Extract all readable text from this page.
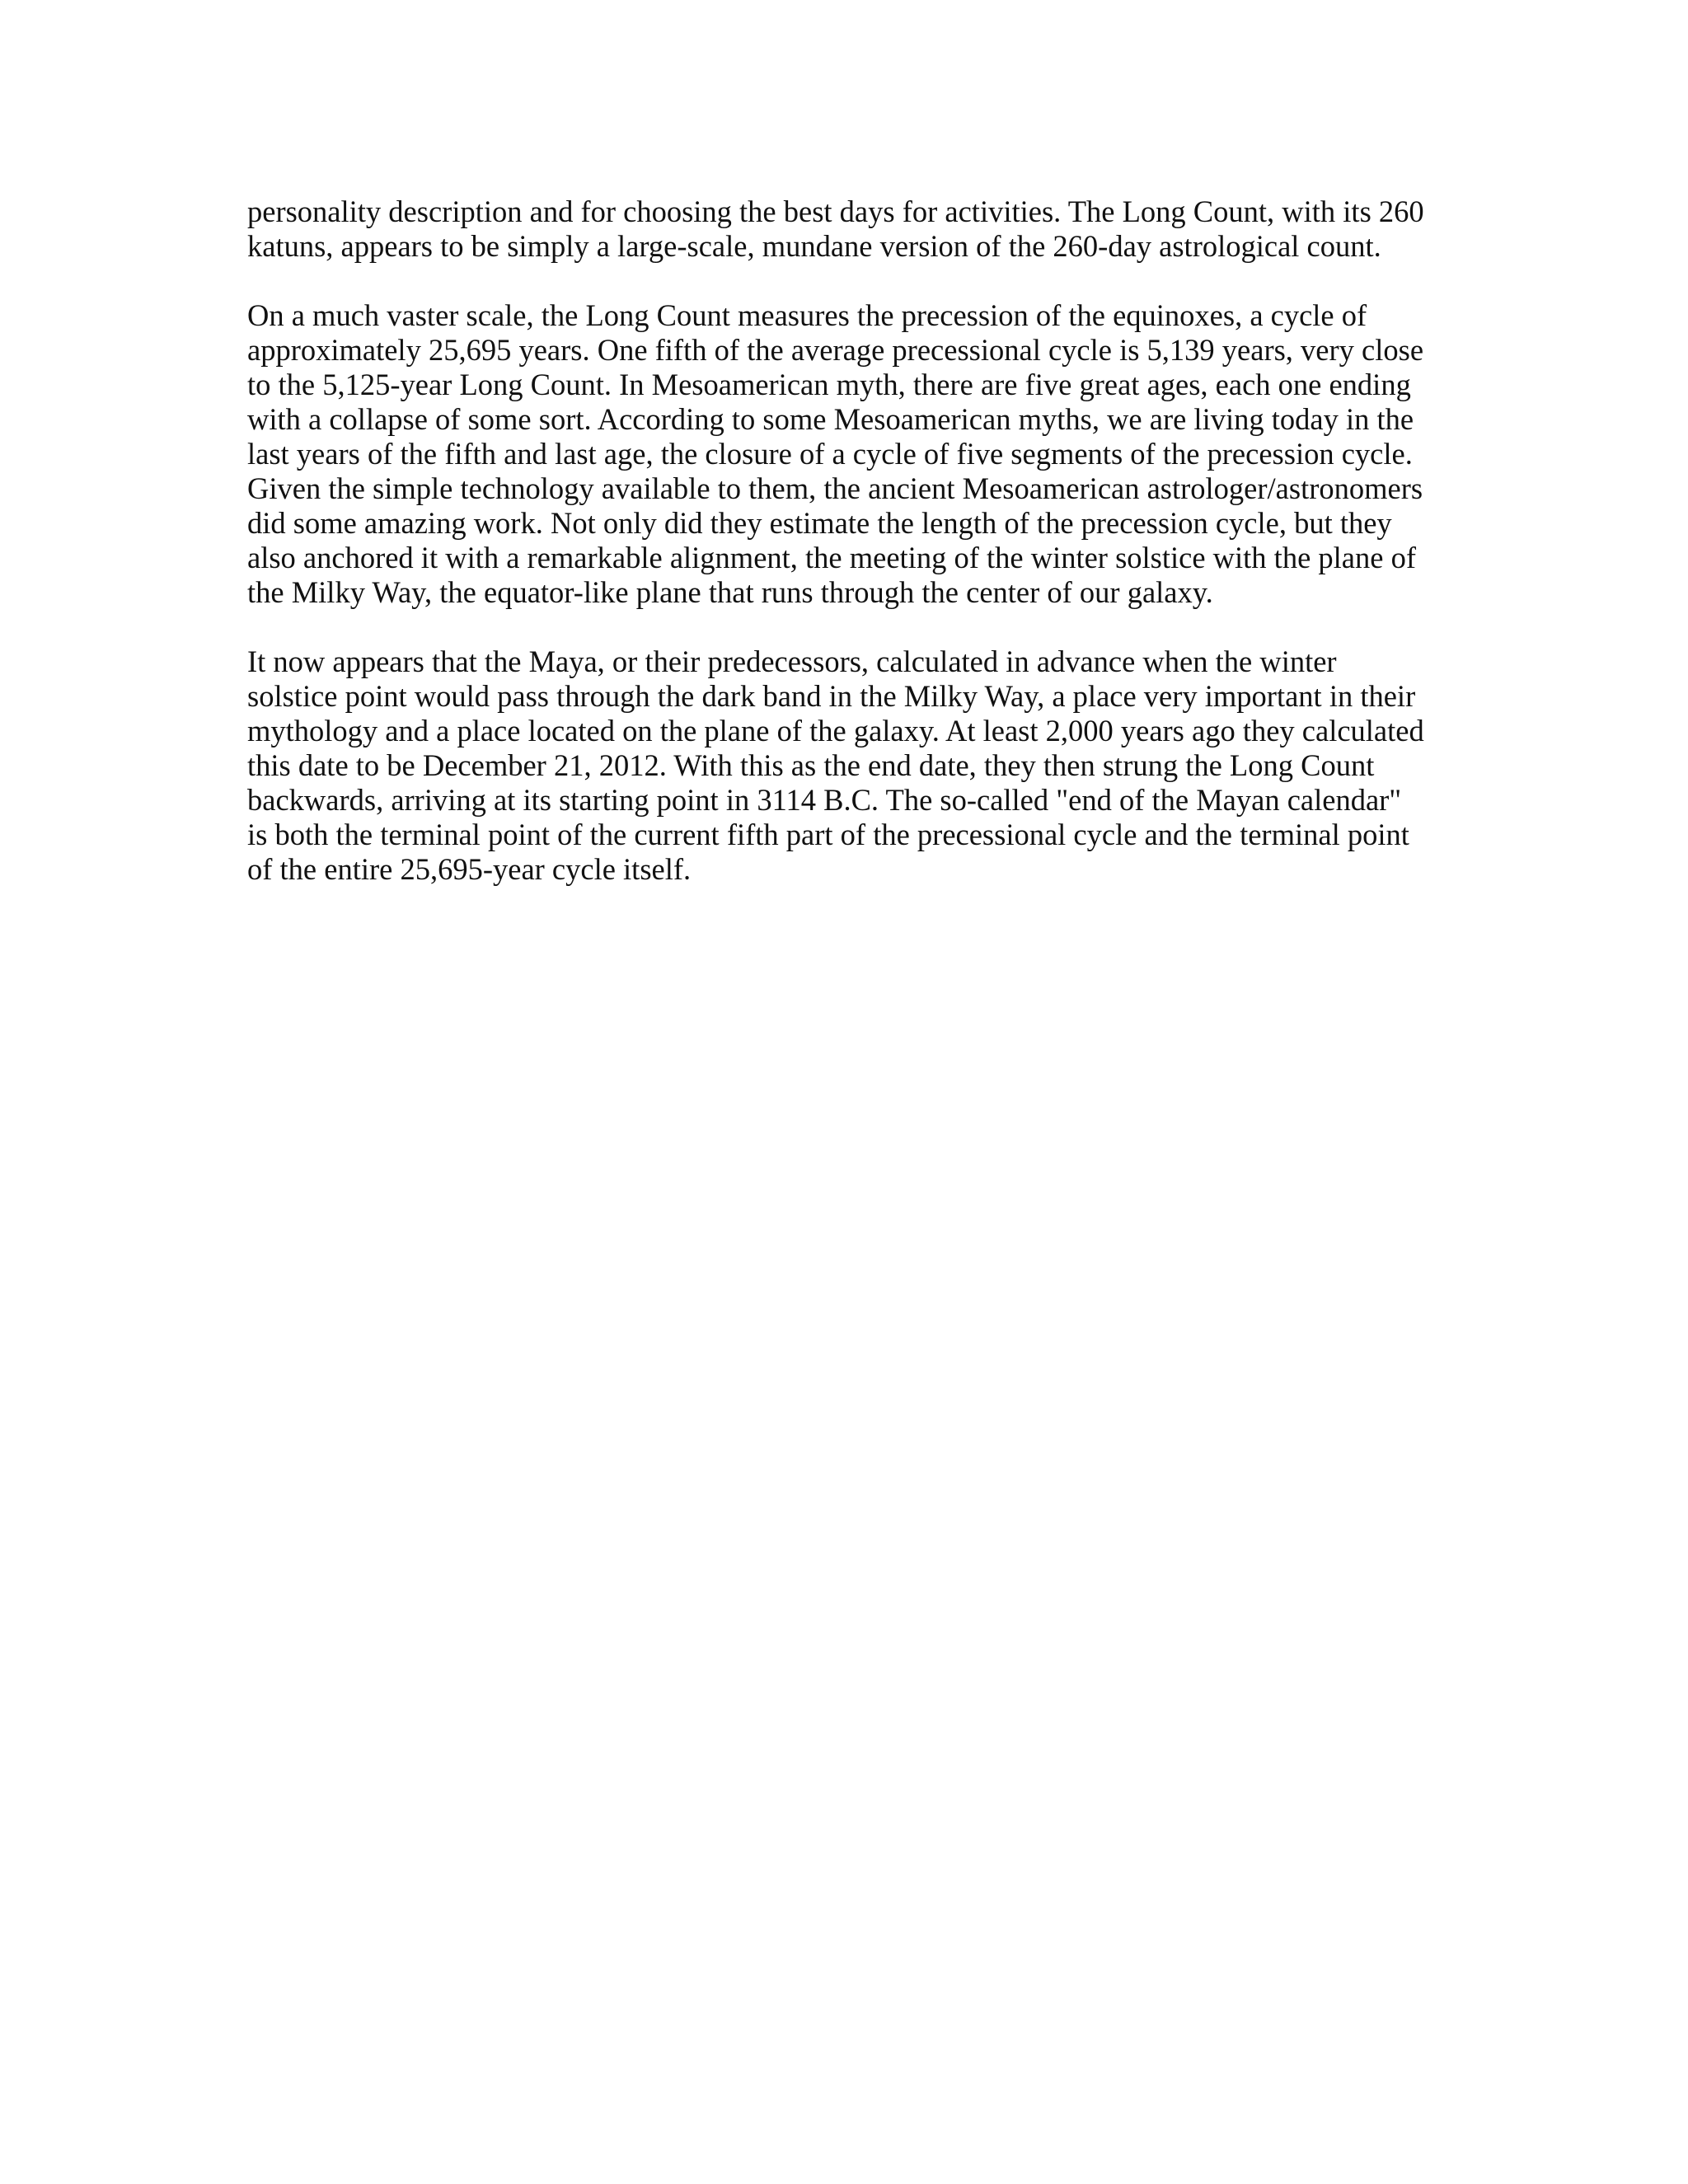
personality description and for choosing the best days for activities. The Long Count, with its 260
katuns, appears to be simply a large-scale, mundane version of the 260-day astrological count.

On a much vaster scale, the Long Count measures the precession of the equinoxes, a cycle of
approximately 25,695 years. One fifth of the average precessional cycle is 5,139 years, very close
to the 5,125-year Long Count. In Mesoamerican myth, there are five great ages, each one ending
with a collapse of some sort. According to some Mesoamerican myths, we are living today in the
last years of the fifth and last age, the closure of a cycle of five segments of the precession cycle.
Given the simple technology available to them, the ancient Mesoamerican astrologer/astronomers
did some amazing work. Not only did they estimate the length of the precession cycle, but they
also anchored it with a remarkable alignment, the meeting of the winter solstice with the plane of
the Milky Way, the equator-like plane that runs through the center of our galaxy.

It now appears that the Maya, or their predecessors, calculated in advance when the winter
solstice point would pass through the dark band in the Milky Way, a place very important in their
mythology and a place located on the plane of the galaxy. At least 2,000 years ago they calculated
this date to be December 21, 2012. With this as the end date, they then strung the Long Count
backwards, arriving at its starting point in 3114 B.C. The so-called "end of the Mayan calendar"
is both the terminal point of the current fifth part of the precessional cycle and the terminal point
of the entire 25,695-year cycle itself.
